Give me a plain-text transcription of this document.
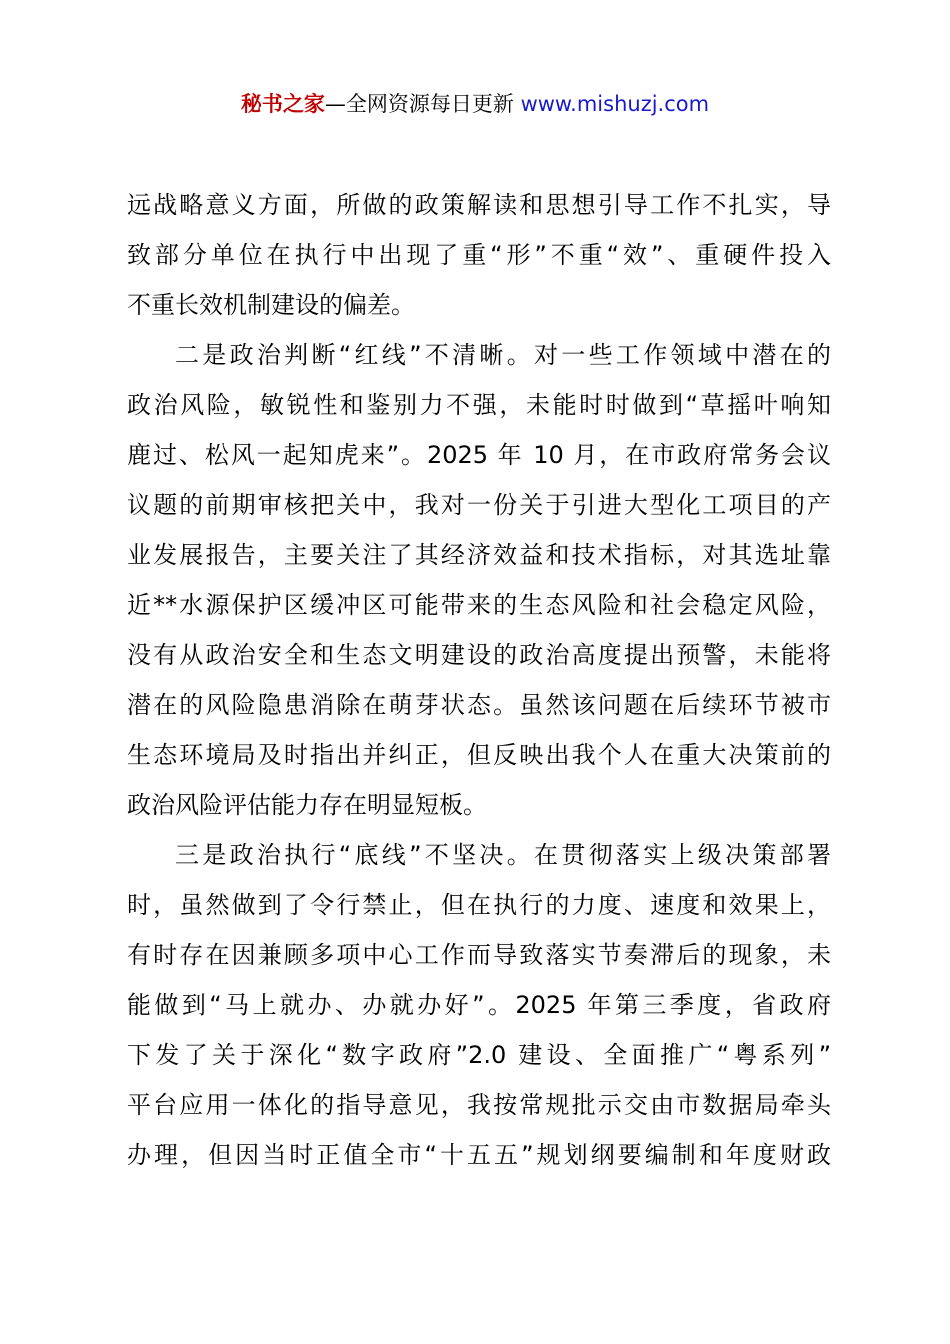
秘书之家—全网资源每日更新 www.mishuzj.com
远战略意义方面，所做的政策解读和思想引导工作不扎实，导
致部分单位在执行中出现了重“形”不重“效”、重硬件投入
不重长效机制建设的偏差。
二是政治判断“红线”不清晰。对一些工作领域中潜在的
政治风险，敏锐性和鉴别力不强，未能时时做到“草摇叶响知
鹿过、松风一起知虎来”。2025 年 10 月，在市政府常务会议
议题的前期审核把关中，我对一份关于引进大型化工项目的产
业发展报告，主要关注了其经济效益和技术指标，对其选址靠
近**水源保护区缓冲区可能带来的生态风险和社会稳定风险，
没有从政治安全和生态文明建设的政治高度提出预警，未能将
潜在的风险隐患消除在萌芽状态。虽然该问题在后续环节被市
生态环境局及时指出并纠正，但反映出我个人在重大决策前的
政治风险评估能力存在明显短板。
三是政治执行“底线”不坚决。在贯彻落实上级决策部署
时，虽然做到了令行禁止，但在执行的力度、速度和效果上，
有时存在因兼顾多项中心工作而导致落实节奏滞后的现象，未
能做到“马上就办、办就办好”。2025 年第三季度，省政府
下发了关于深化“数字政府”2.0 建设、全面推广“粤系列”
平台应用一体化的指导意见，我按常规批示交由市数据局牵头
办理，但因当时正值全市“十五五”规划纲要编制和年度财政
